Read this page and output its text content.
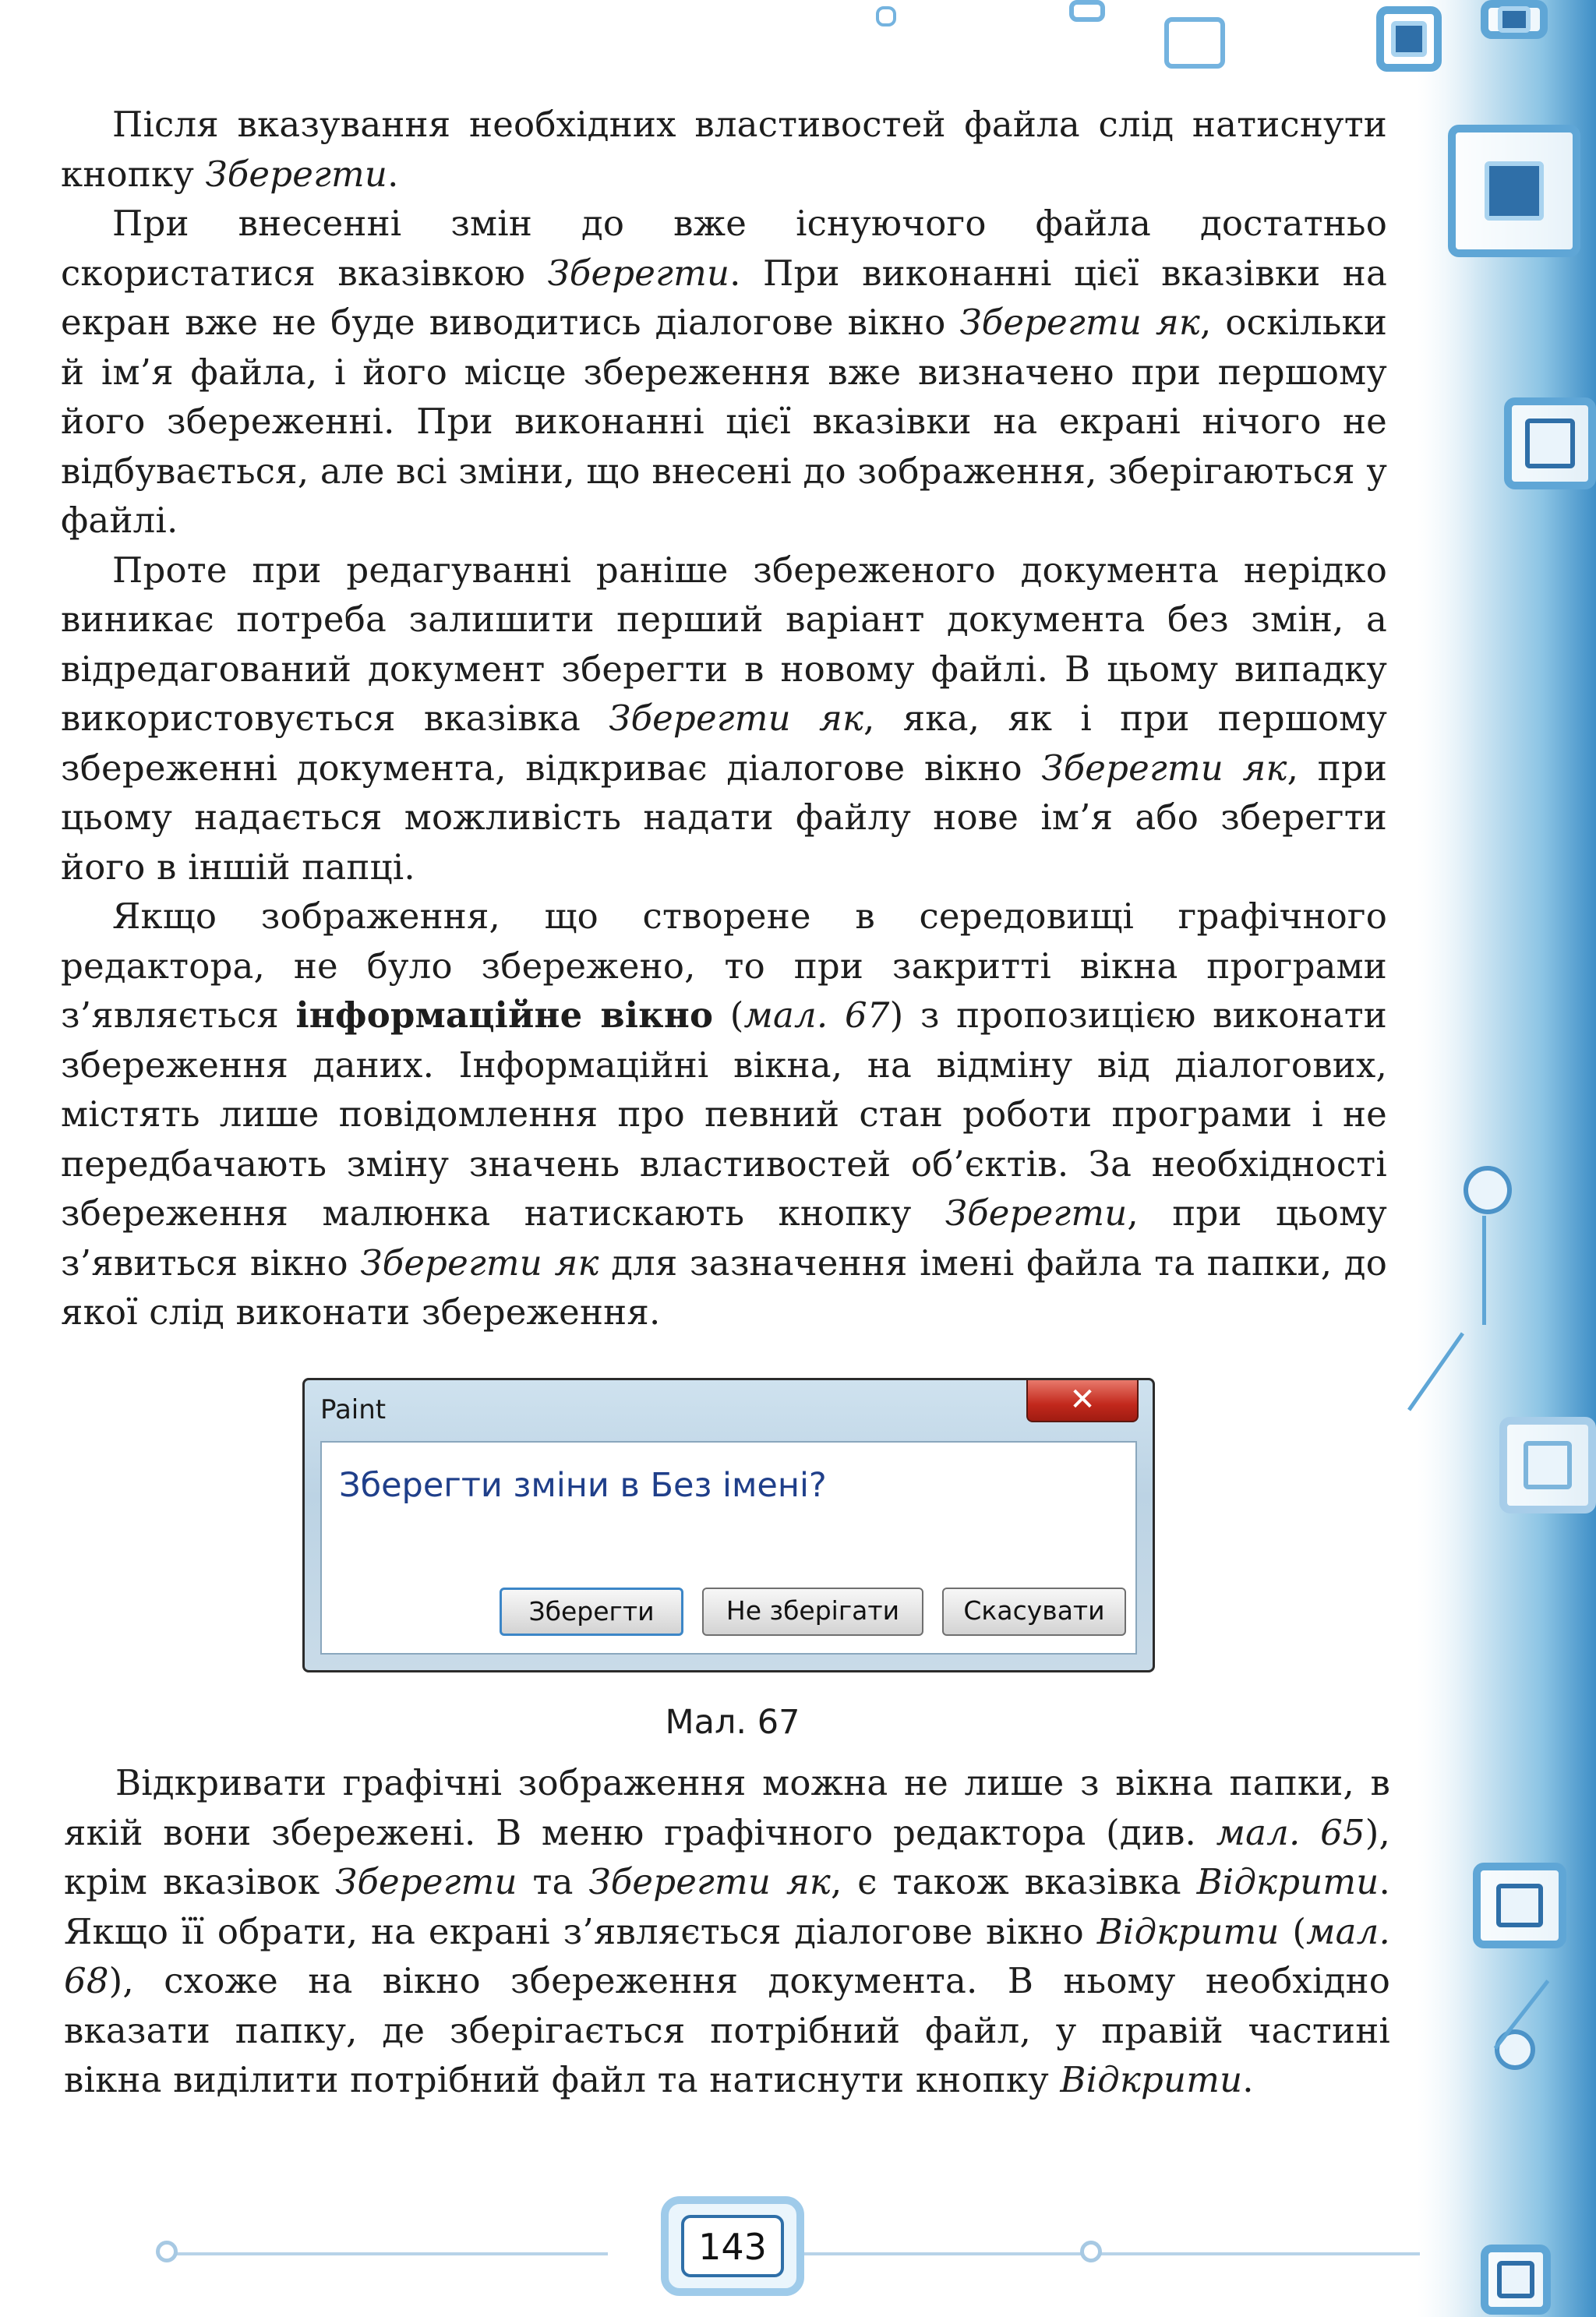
Після вказування необхідних властивостей файла слід натиснути кнопку Зберегти.

При внесенні змін до вже існуючого файла достатньо скористатися вказівкою Зберегти. При виконанні цієї вказівки на екран вже не буде виводитись діалогове вікно Зберегти як, оскільки й ім’я файла, і його місце збереження вже визначено при першому його збереженні. При виконанні цієї вказівки на екрані нічого не відбувається, але всі зміни, що внесені до зображення, зберігаються у файлі.

Проте при редагуванні раніше збереженого документа нерідко виникає потреба залишити перший варіант документа без змін, а відредагований документ зберегти в новому файлі. В цьому випадку використовується вказівка Зберегти як, яка, як і при першому збереженні документа, відкриває діалогове вікно Зберегти як, при цьому надається можливість надати файлу нове ім’я або зберегти його в іншій папці.

Якщо зображення, що створене в середовищі графічного редактора, не було збережено, то при закритті вікна програми з’являється інформаційне вікно (мал. 67) з пропозицією виконати збереження даних. Інформаційні вікна, на відміну від діалогових, містять лише повідомлення про певний стан роботи програми і не передбачають зміну значень властивостей об’єктів. За необхідності збереження малюнка натискають кнопку Зберегти, при цьому з’явиться вікно Зберегти як для зазначення імені файла та папки, до якої слід виконати збереження.

Paint	✕
Зберегти зміни в Без імені?
Зберегти	Не зберігати	Скасувати
Мал. 67

Відкривати графічні зображення можна не лише з вікна папки, в якій вони збережені. В меню графічного редактора (див. мал. 65), крім вказівок Зберегти та Зберегти як, є також вказівка Відкрити. Якщо її обрати, на екрані з’являється діалогове вікно Відкрити (мал. 68), схоже на вікно збереження документа. В ньому необхідно вказати папку, де зберігається потрібний файл, у правій частині вікна виділити потрібний файл та натиснути кнопку Відкрити.

143
